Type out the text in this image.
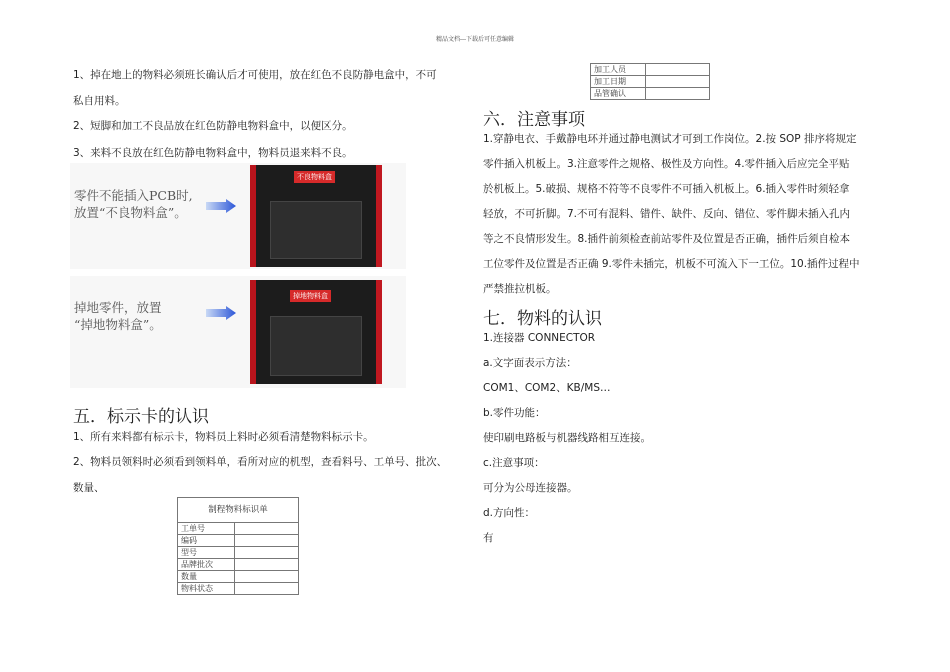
精品文档---下载后可任意编辑
1、掉在地上的物料必须班长确认后才可使用，放在红色不良防静电盒中，不可
私自用料。
2、短脚和加工不良品放在红色防静电物料盒中，以便区分。
3、来料不良放在红色防静电物料盒中，物料员退来料不良。
零件不能插入PCB时,
放置“不良物料盒”。
不良物料盒
掉地零件，放置
“掉地物料盒”。
掉地物料盒
五．标示卡的认识
1、所有来料都有标示卡，物料员上料时必须看清楚物料标示卡。
2、物料员领料时必须看到领料单，看所对应的机型，查看料号、工单号、批次、
数量、
制程物料标识单	
工单号	
编码	
型号	
品牌批次	
数量	
物料状态	
加工人员	
加工日期	
品管确认	
六．注意事项
1.穿静电衣、手戴静电环并通过静电测试才可到工作岗位。2.按 SOP 排序将规定
零件插入机板上。3.注意零件之规格、极性及方向性。4.零件插入后应完全平贴
於机板上。5.破损、规格不符等不良零件不可插入机板上。6.插入零件时须轻拿
轻放，不可折脚。7.不可有混料、错件、缺件、反向、错位、零件脚未插入孔内
等之不良情形发生。8.插件前须检查前站零件及位置是否正确，插件后须自检本
工位零件及位置是否正确 9.零件未插完，机板不可流入下一工位。10.插件过程中
严禁推拉机板。
七．物料的认识
1.连接器 CONNECTOR
a.文字面表示方法：
COM1、COM2、KB/MS…
b.零件功能：
使印刷电路板与机器线路相互连接。
c.注意事项：
可分为公母连接器。
d.方向性：
有
